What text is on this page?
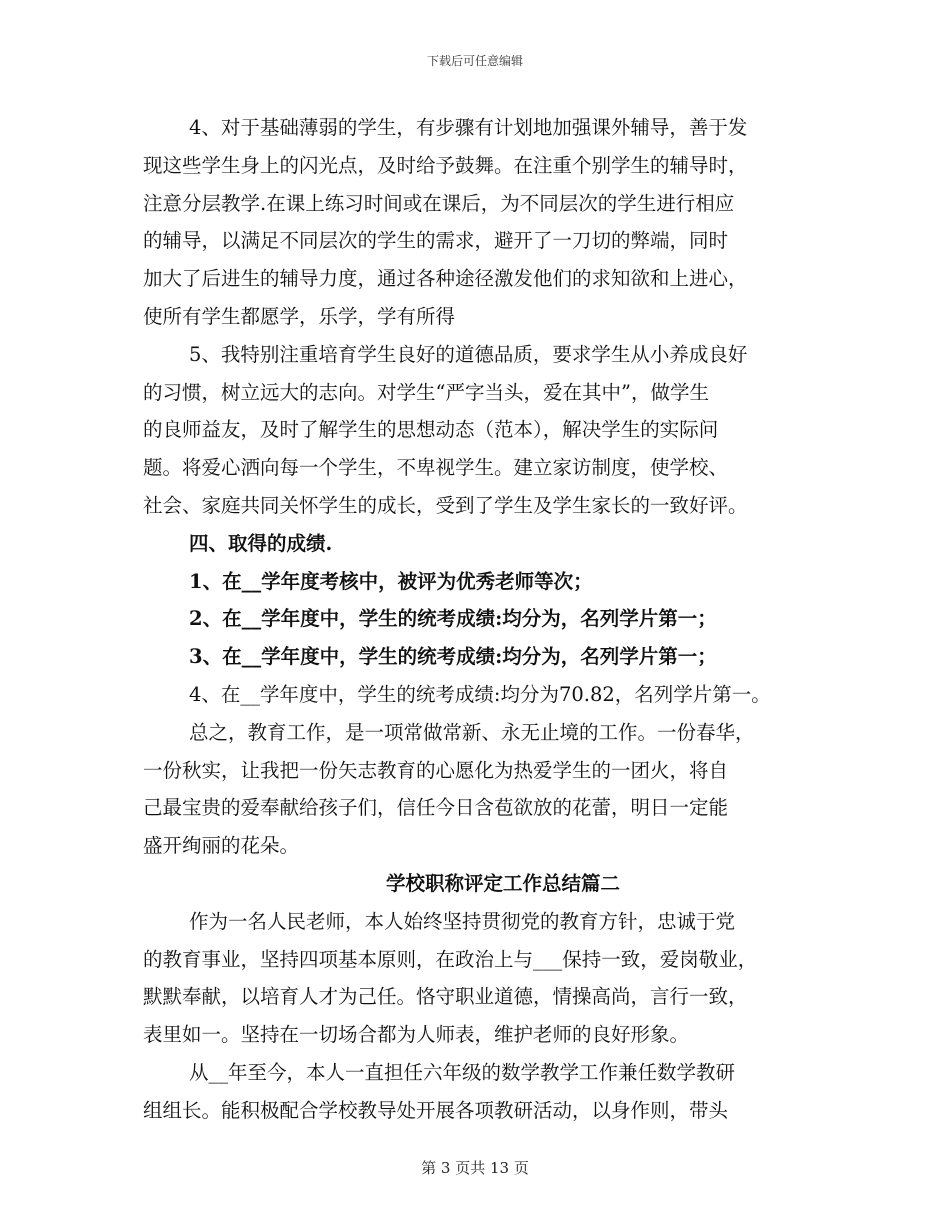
下载后可任意编辑
4、对于基础薄弱的学生，有步骤有计划地加强课外辅导，善于发
现这些学生身上的闪光点，及时给予鼓舞。在注重个别学生的辅导时，
注意分层教学.在课上练习时间或在课后，为不同层次的学生进行相应
的辅导，以满足不同层次的学生的需求，避开了一刀切的弊端，同时
加大了后进生的辅导力度，通过各种途径激发他们的求知欲和上进心，
使所有学生都愿学，乐学，学有所得
5、我特别注重培育学生良好的道德品质，要求学生从小养成良好
的习惯，树立远大的志向。对学生“严字当头，爱在其中”，做学生
的良师益友，及时了解学生的思想动态（范本），解决学生的实际问
题。将爱心洒向每一个学生，不卑视学生。建立家访制度，使学校、
社会、家庭共同关怀学生的成长，受到了学生及学生家长的一致好评。
四、取得的成绩.
1、在__学年度考核中，被评为优秀老师等次；
2、在__学年度中，学生的统考成绩:均分为，名列学片第一；
3、在__学年度中，学生的统考成绩:均分为，名列学片第一；
4、在__学年度中，学生的统考成绩:均分为70.82，名列学片第一。
总之，教育工作，是一项常做常新、永无止境的工作。一份春华，
一份秋实，让我把一份矢志教育的心愿化为热爱学生的一团火，将自
己最宝贵的爱奉献给孩子们，信任今日含苞欲放的花蕾，明日一定能
盛开绚丽的花朵。
学校职称评定工作总结篇二
作为一名人民老师，本人始终坚持贯彻党的教育方针，忠诚于党
的教育事业，坚持四项基本原则，在政治上与___保持一致，爱岗敬业，
默默奉献，以培育人才为己任。恪守职业道德，情操高尚，言行一致，
表里如一。坚持在一切场合都为人师表，维护老师的良好形象。
从__年至今，本人一直担任六年级的数学教学工作兼任数学教研
组组长。能积极配合学校教导处开展各项教研活动，以身作则，带头
第 3 页共 13 页
